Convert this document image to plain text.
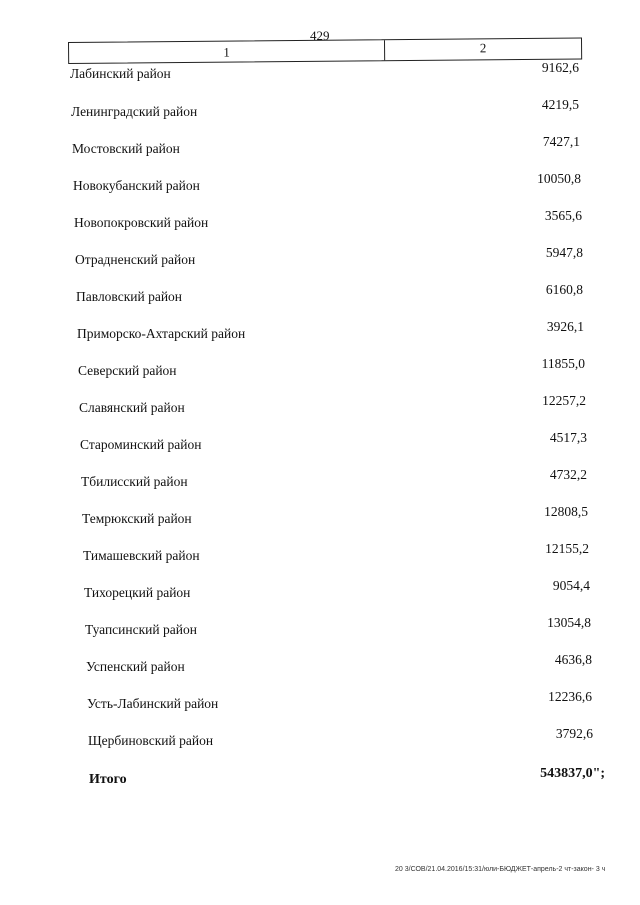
429
1	2
Лабинский район	9162,6
Ленинградский район	4219,5
Мостовский район	7427,1
Новокубанский район	10050,8
Новопокровский район	3565,6
Отрадненский район	5947,8
Павловский район	6160,8
Приморско-Ахтарский район	3926,1
Северский район	11855,0
Славянский район	12257,2
Староминский район	4517,3
Тбилисский район	4732,2
Темрюкский район	12808,5
Тимашевский район	12155,2
Тихорецкий район	9054,4
Туапсинский район	13054,8
Успенский район	4636,8
Усть-Лабинский район	12236,6
Щербиновский район	3792,6
Итого	543837,0";
20 3/СОВ/21.04.2016/15:31/юли-БЮДЖЕТ-апрель-2 чт-закон- 3 ч
